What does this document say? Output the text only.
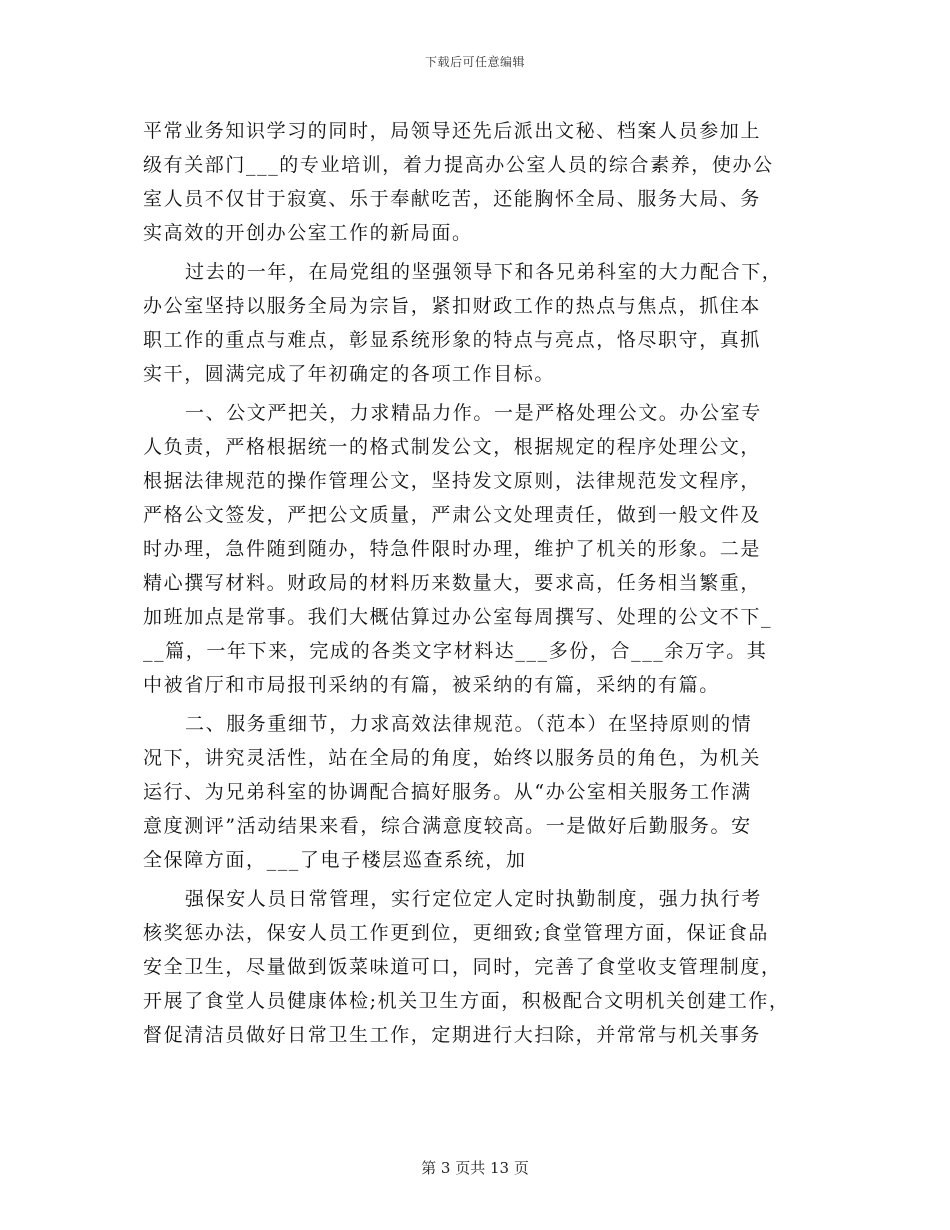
下载后可任意编辑
平常业务知识学习的同时，局领导还先后派出文秘、档案人员参加上
级有关部门___的专业培训，着力提高办公室人员的综合素养，使办公
室人员不仅甘于寂寞、乐于奉献吃苦，还能胸怀全局、服务大局、务
实高效的开创办公室工作的新局面。
过去的一年，在局党组的坚强领导下和各兄弟科室的大力配合下，
办公室坚持以服务全局为宗旨，紧扣财政工作的热点与焦点，抓住本
职工作的重点与难点，彰显系统形象的特点与亮点，恪尽职守，真抓
实干，圆满完成了年初确定的各项工作目标。
一、公文严把关，力求精品力作。一是严格处理公文。办公室专
人负责，严格根据统一的格式制发公文，根据规定的程序处理公文，
根据法律规范的操作管理公文，坚持发文原则，法律规范发文程序，
严格公文签发，严把公文质量，严肃公文处理责任，做到一般文件及
时办理，急件随到随办，特急件限时办理，维护了机关的形象。二是
精心撰写材料。财政局的材料历来数量大，要求高，任务相当繁重，
加班加点是常事。我们大概估算过办公室每周撰写、处理的公文不下_
__篇，一年下来，完成的各类文字材料达___多份，合___余万字。其
中被省厅和市局报刊采纳的有篇，被采纳的有篇，采纳的有篇。
二、服务重细节，力求高效法律规范。（范本）在坚持原则的情
况下，讲究灵活性，站在全局的角度，始终以服务员的角色，为机关
运行、为兄弟科室的协调配合搞好服务。从“办公室相关服务工作满
意度测评”活动结果来看，综合满意度较高。一是做好后勤服务。安
全保障方面，___了电子楼层巡查系统，加
强保安人员日常管理，实行定位定人定时执勤制度，强力执行考
核奖惩办法，保安人员工作更到位，更细致;食堂管理方面，保证食品
安全卫生，尽量做到饭菜味道可口，同时，完善了食堂收支管理制度，
开展了食堂人员健康体检;机关卫生方面，积极配合文明机关创建工作，
督促清洁员做好日常卫生工作，定期进行大扫除，并常常与机关事务
第 3 页共 13 页
